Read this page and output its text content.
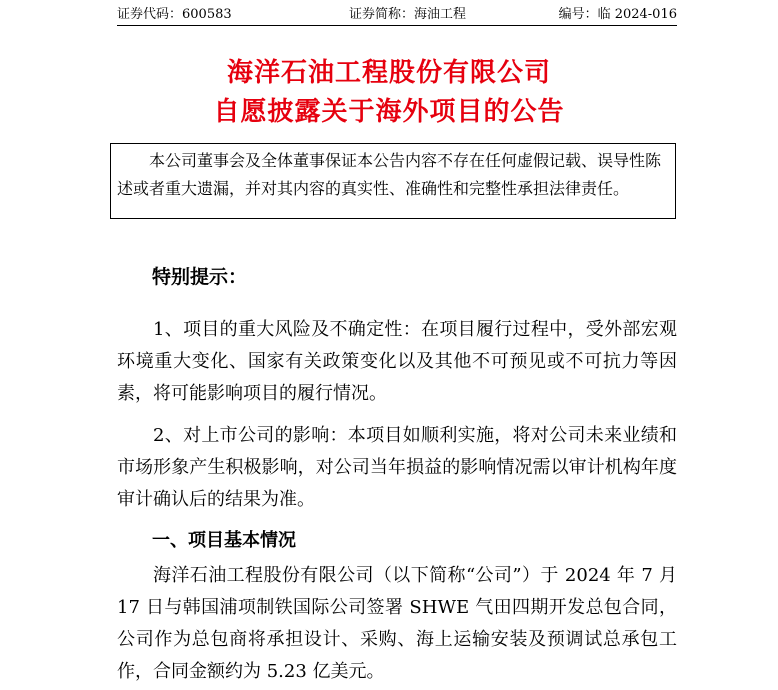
证券代码：600583	证券简称：海油工程	编号：临 2024-016
海洋石油工程股份有限公司
自愿披露关于海外项目的公告

本公司董事会及全体董事保证本公告内容不存在任何虚假记载、误导性陈述或者重大遗漏，并对其内容的真实性、准确性和完整性承担法律责任。

特别提示：

1、项目的重大风险及不确定性：在项目履行过程中，受外部宏观环境重大变化、国家有关政策变化以及其他不可预见或不可抗力等因素，将可能影响项目的履行情况。

2、对上市公司的影响：本项目如顺利实施，将对公司未来业绩和市场形象产生积极影响，对公司当年损益的影响情况需以审计机构年度审计确认后的结果为准。

一、项目基本情况

海洋石油工程股份有限公司（以下简称“公司”）于 2024 年 7 月 17 日与韩国浦项制铁国际公司签署 SHWE 气田四期开发总包合同，公司作为总包商将承担设计、采购、海上运输安装及预调试总承包工作，合同金额约为 5.23 亿美元。
